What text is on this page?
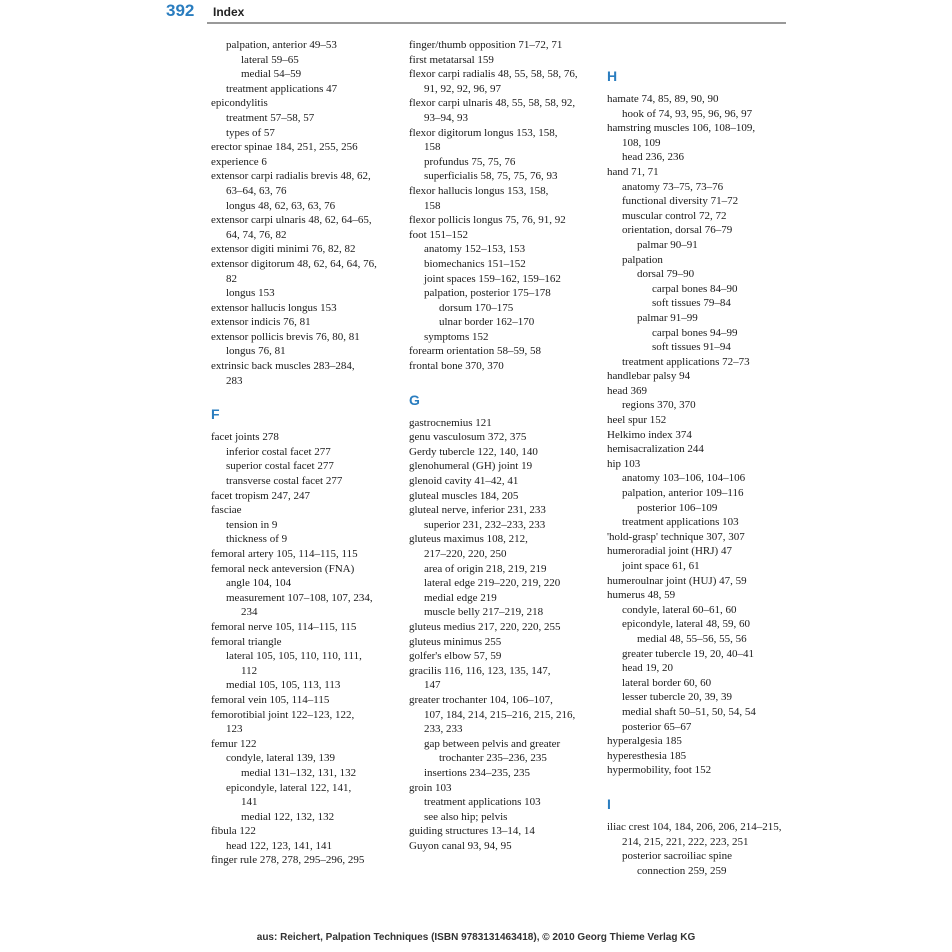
392 Index
palpation, anterior 49–53
lateral 59–65
medial 54–59
treatment applications 47
epicondylitis
treatment 57–58, 57
types of 57
erector spinae 184, 251, 255, 256
experience 6
extensor carpi radialis brevis 48, 62,
63–64, 63, 76
longus 48, 62, 63, 63, 76
extensor carpi ulnaris 48, 62, 64–65,
64, 74, 76, 82
extensor digiti minimi 76, 82, 82
extensor digitorum 48, 62, 64, 64, 76,
82
longus 153
extensor hallucis longus 153
extensor indicis 76, 81
extensor pollicis brevis 76, 80, 81
longus 76, 81
extrinsic back muscles 283–284,
283
F
facet joints 278
inferior costal facet 277
superior costal facet 277
transverse costal facet 277
facet tropism 247, 247
fasciae
tension in 9
thickness of 9
femoral artery 105, 114–115, 115
femoral neck anteversion (FNA)
angle 104, 104
measurement 107–108, 107, 234,
234
femoral nerve 105, 114–115, 115
femoral triangle
lateral 105, 105, 110, 110, 111,
112
medial 105, 105, 113, 113
femoral vein 105, 114–115
femorotibial joint 122–123, 122,
123
femur 122
condyle, lateral 139, 139
medial 131–132, 131, 132
epicondyle, lateral 122, 141,
141
medial 122, 132, 132
fibula 122
head 122, 123, 141, 141
finger rule 278, 278, 295–296, 295
finger/thumb opposition 71–72, 71
first metatarsal 159
flexor carpi radialis 48, 55, 58, 58, 76,
91, 92, 92, 96, 97
flexor carpi ulnaris 48, 55, 58, 58, 92,
93–94, 93
flexor digitorum longus 153, 158,
158
profundus 75, 75, 76
superficialis 58, 75, 75, 76, 93
flexor hallucis longus 153, 158,
158
flexor pollicis longus 75, 76, 91, 92
foot 151–152
anatomy 152–153, 153
biomechanics 151–152
joint spaces 159–162, 159–162
palpation, posterior 175–178
dorsum 170–175
ulnar border 162–170
symptoms 152
forearm orientation 58–59, 58
frontal bone 370, 370
G
gastrocnemius 121
genu vasculosum 372, 375
Gerdy tubercle 122, 140, 140
glenohumeral (GH) joint 19
glenoid cavity 41–42, 41
gluteal muscles 184, 205
gluteal nerve, inferior 231, 233
superior 231, 232–233, 233
gluteus maximus 108, 212,
217–220, 220, 250
area of origin 218, 219, 219
lateral edge 219–220, 219, 220
medial edge 219
muscle belly 217–219, 218
gluteus medius 217, 220, 220, 255
gluteus minimus 255
golfer's elbow 57, 59
gracilis 116, 116, 123, 135, 147,
147
greater trochanter 104, 106–107,
107, 184, 214, 215–216, 215, 216,
233, 233
gap between pelvis and greater
trochanter 235–236, 235
insertions 234–235, 235
groin 103
treatment applications 103
see also hip; pelvis
guiding structures 13–14, 14
Guyon canal 93, 94, 95
H
hamate 74, 85, 89, 90, 90
hook of 74, 93, 95, 96, 96, 97
hamstring muscles 106, 108–109,
108, 109
head 236, 236
hand 71, 71
anatomy 73–75, 73–76
functional diversity 71–72
muscular control 72, 72
orientation, dorsal 76–79
palmar 90–91
palpation
dorsal 79–90
carpal bones 84–90
soft tissues 79–84
palmar 91–99
carpal bones 94–99
soft tissues 91–94
treatment applications 72–73
handlebar palsy 94
head 369
regions 370, 370
heel spur 152
Helkimo index 374
hemisacralization 244
hip 103
anatomy 103–106, 104–106
palpation, anterior 109–116
posterior 106–109
treatment applications 103
'hold-grasp' technique 307, 307
humeroradial joint (HRJ) 47
joint space 61, 61
humeroulnar joint (HUJ) 47, 59
humerus 48, 59
condyle, lateral 60–61, 60
epicondyle, lateral 48, 59, 60
medial 48, 55–56, 55, 56
greater tubercle 19, 20, 40–41
head 19, 20
lateral border 60, 60
lesser tubercle 20, 39, 39
medial shaft 50–51, 50, 54, 54
posterior 65–67
hyperalgesia 185
hyperesthesia 185
hypermobility, foot 152
I
iliac crest 104, 184, 206, 206, 214–215,
214, 215, 221, 222, 223, 251
posterior sacroiliac spine
connection 259, 259
aus: Reichert, Palpation Techniques (ISBN 9783131463418), © 2010 Georg Thieme Verlag KG
